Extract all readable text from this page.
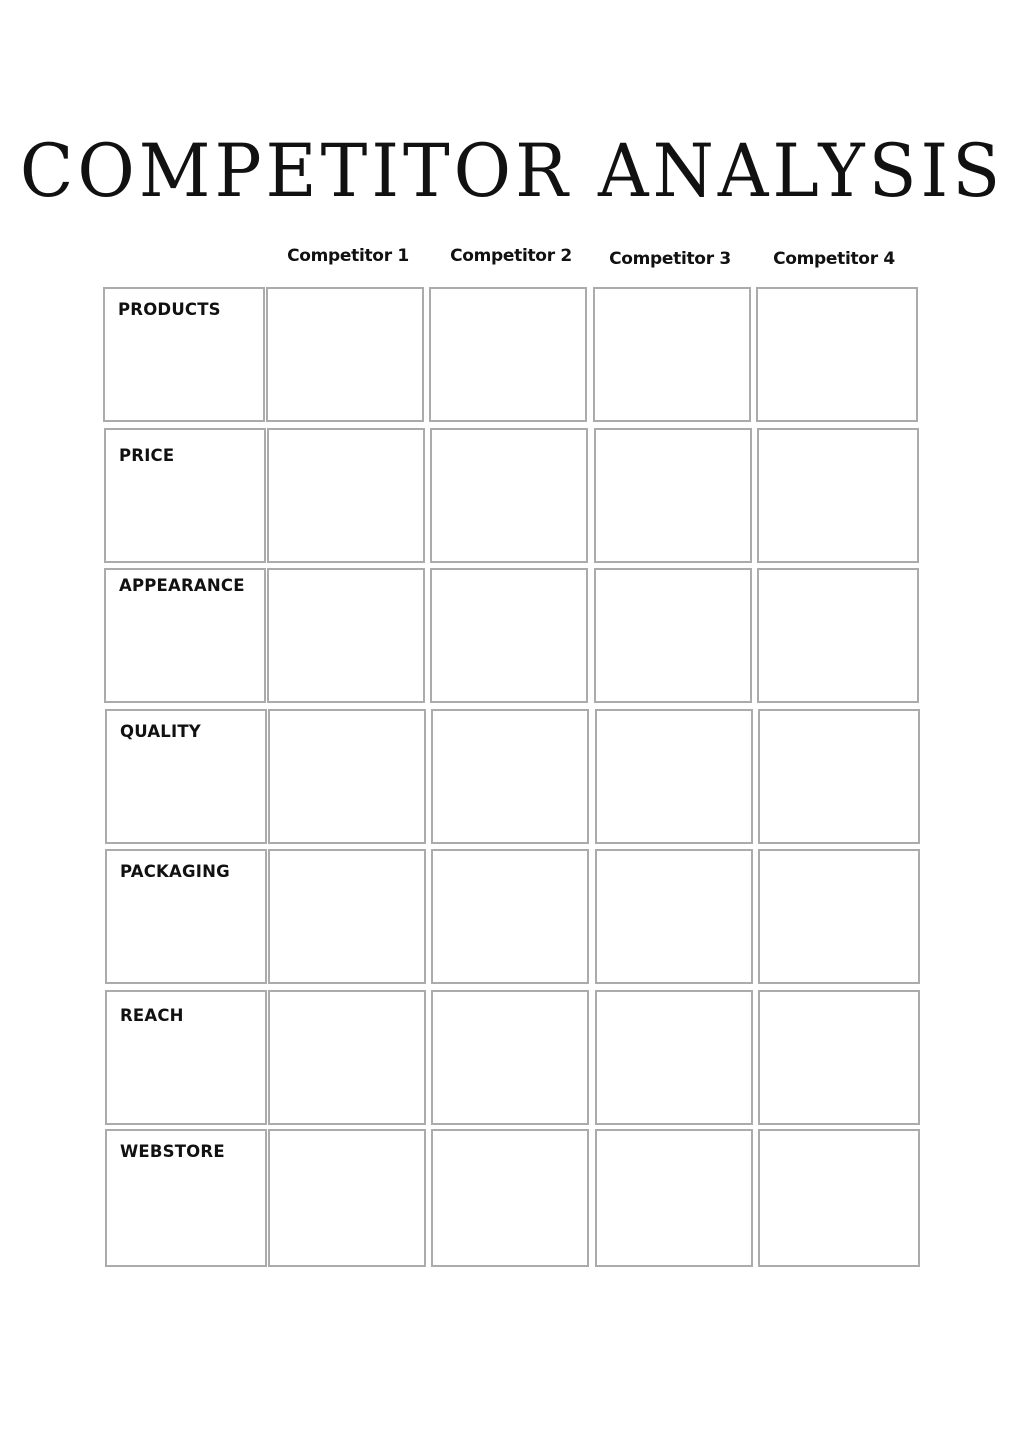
COMPETITOR ANALYSIS
Competitor 1	Competitor 2	Competitor 3	Competitor 4
PRODUCTS
PRICE
APPEARANCE
QUALITY
PACKAGING
REACH
WEBSTORE
